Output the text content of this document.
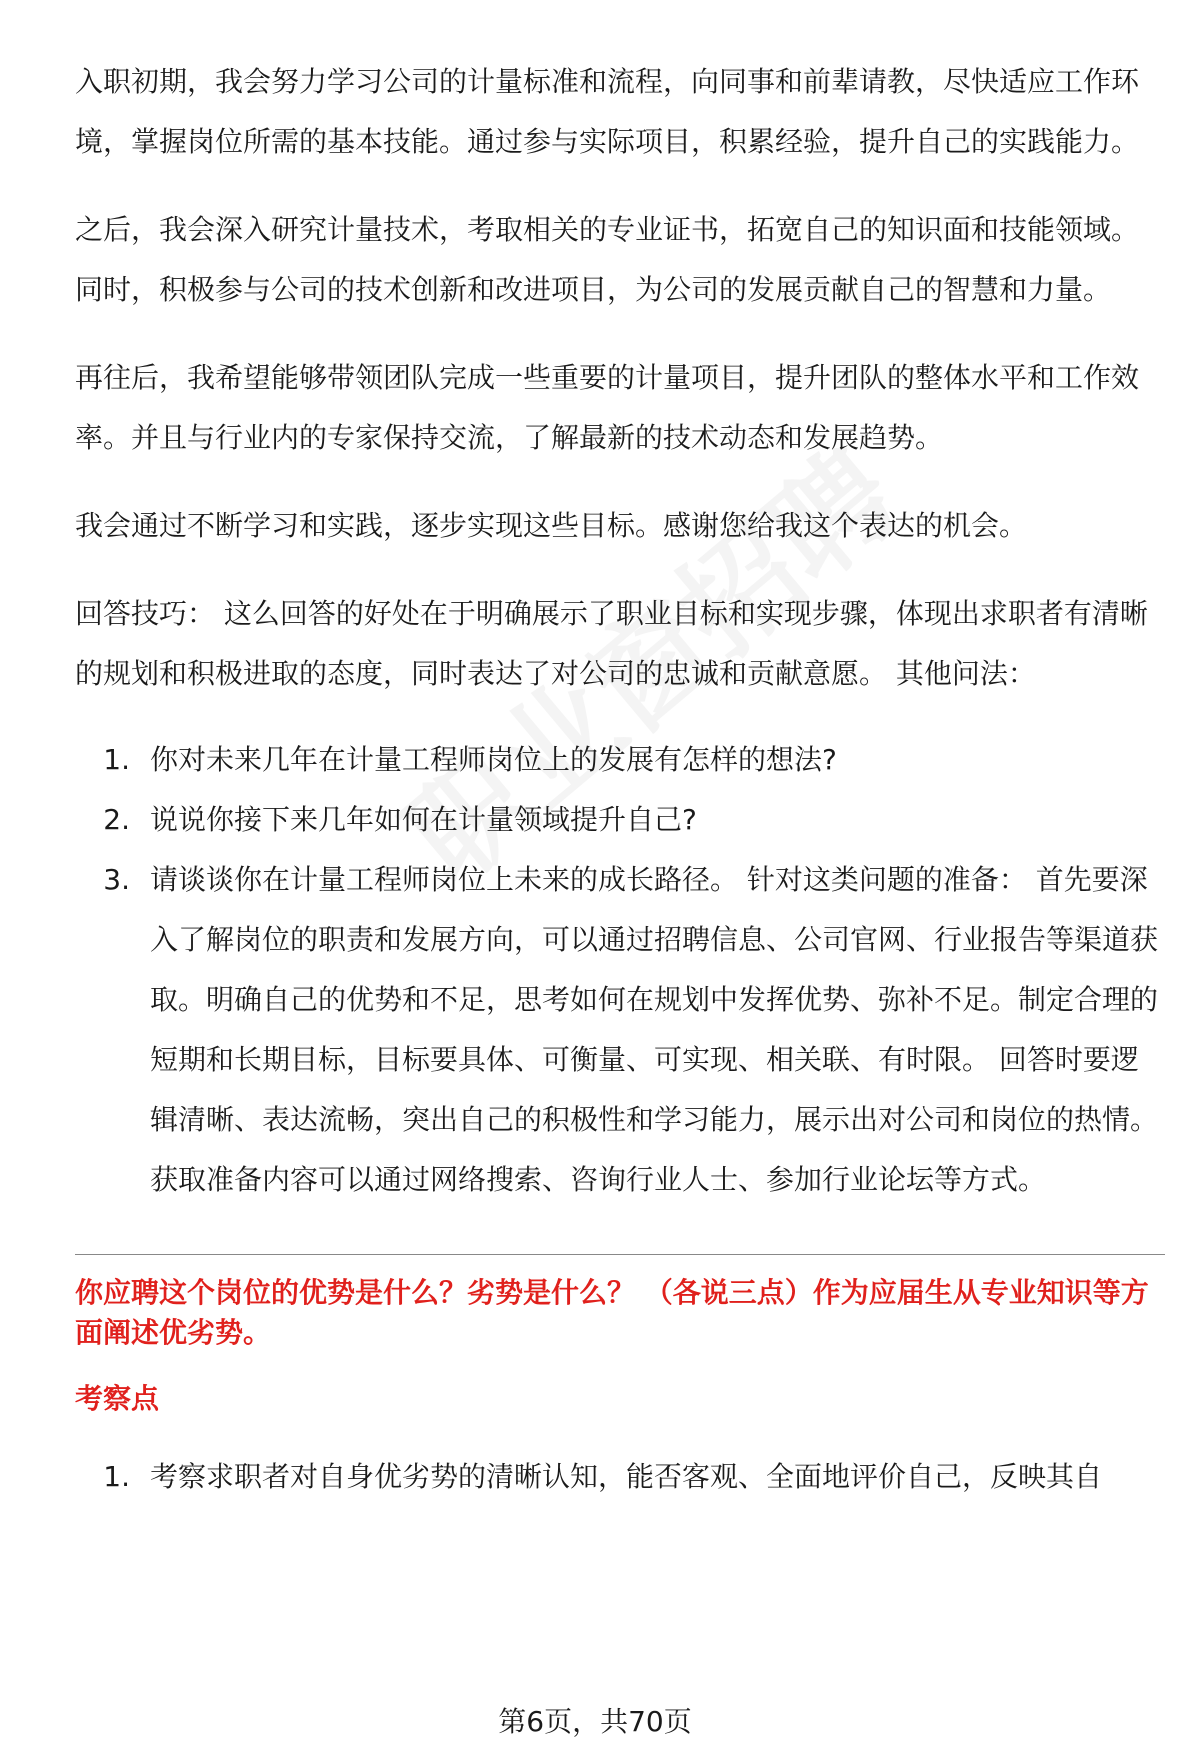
入职初期，我会努力学习公司的计量标准和流程，向同事和前辈请教，尽快适应工作环境，掌握岗位所需的基本技能。通过参与实际项目，积累经验，提升自己的实践能力。

之后，我会深入研究计量技术，考取相关的专业证书，拓宽自己的知识面和技能领域。同时，积极参与公司的技术创新和改进项目，为公司的发展贡献自己的智慧和力量。

再往后，我希望能够带领团队完成一些重要的计量项目，提升团队的整体水平和工作效率。并且与行业内的专家保持交流，了解最新的技术动态和发展趋势。

我会通过不断学习和实践，逐步实现这些目标。感谢您给我这个表达的机会。

回答技巧： 这么回答的好处在于明确展示了职业目标和实现步骤，体现出求职者有清晰的规划和积极进取的态度，同时表达了对公司的忠诚和贡献意愿。 其他问法：

1. 你对未来几年在计量工程师岗位上的发展有怎样的想法?
2. 说说你接下来几年如何在计量领域提升自己?
3. 请谈谈你在计量工程师岗位上未来的成长路径。 针对这类问题的准备： 首先要深入了解岗位的职责和发展方向，可以通过招聘信息、公司官网、行业报告等渠道获取。明确自己的优势和不足，思考如何在规划中发挥优势、弥补不足。制定合理的短期和长期目标，目标要具体、可衡量、可实现、相关联、有时限。 回答时要逻辑清晰、表达流畅，突出自己的积极性和学习能力，展示出对公司和岗位的热情。获取准备内容可以通过网络搜索、咨询行业人士、参加行业论坛等方式。
你应聘这个岗位的优势是什么？劣势是什么？ （各说三点）作为应届生从专业知识等方面阐述优劣势。
考察点
1. 考察求职者对自身优劣势的清晰认知，能否客观、全面地评价自己，反映其自
第6页，共70页
